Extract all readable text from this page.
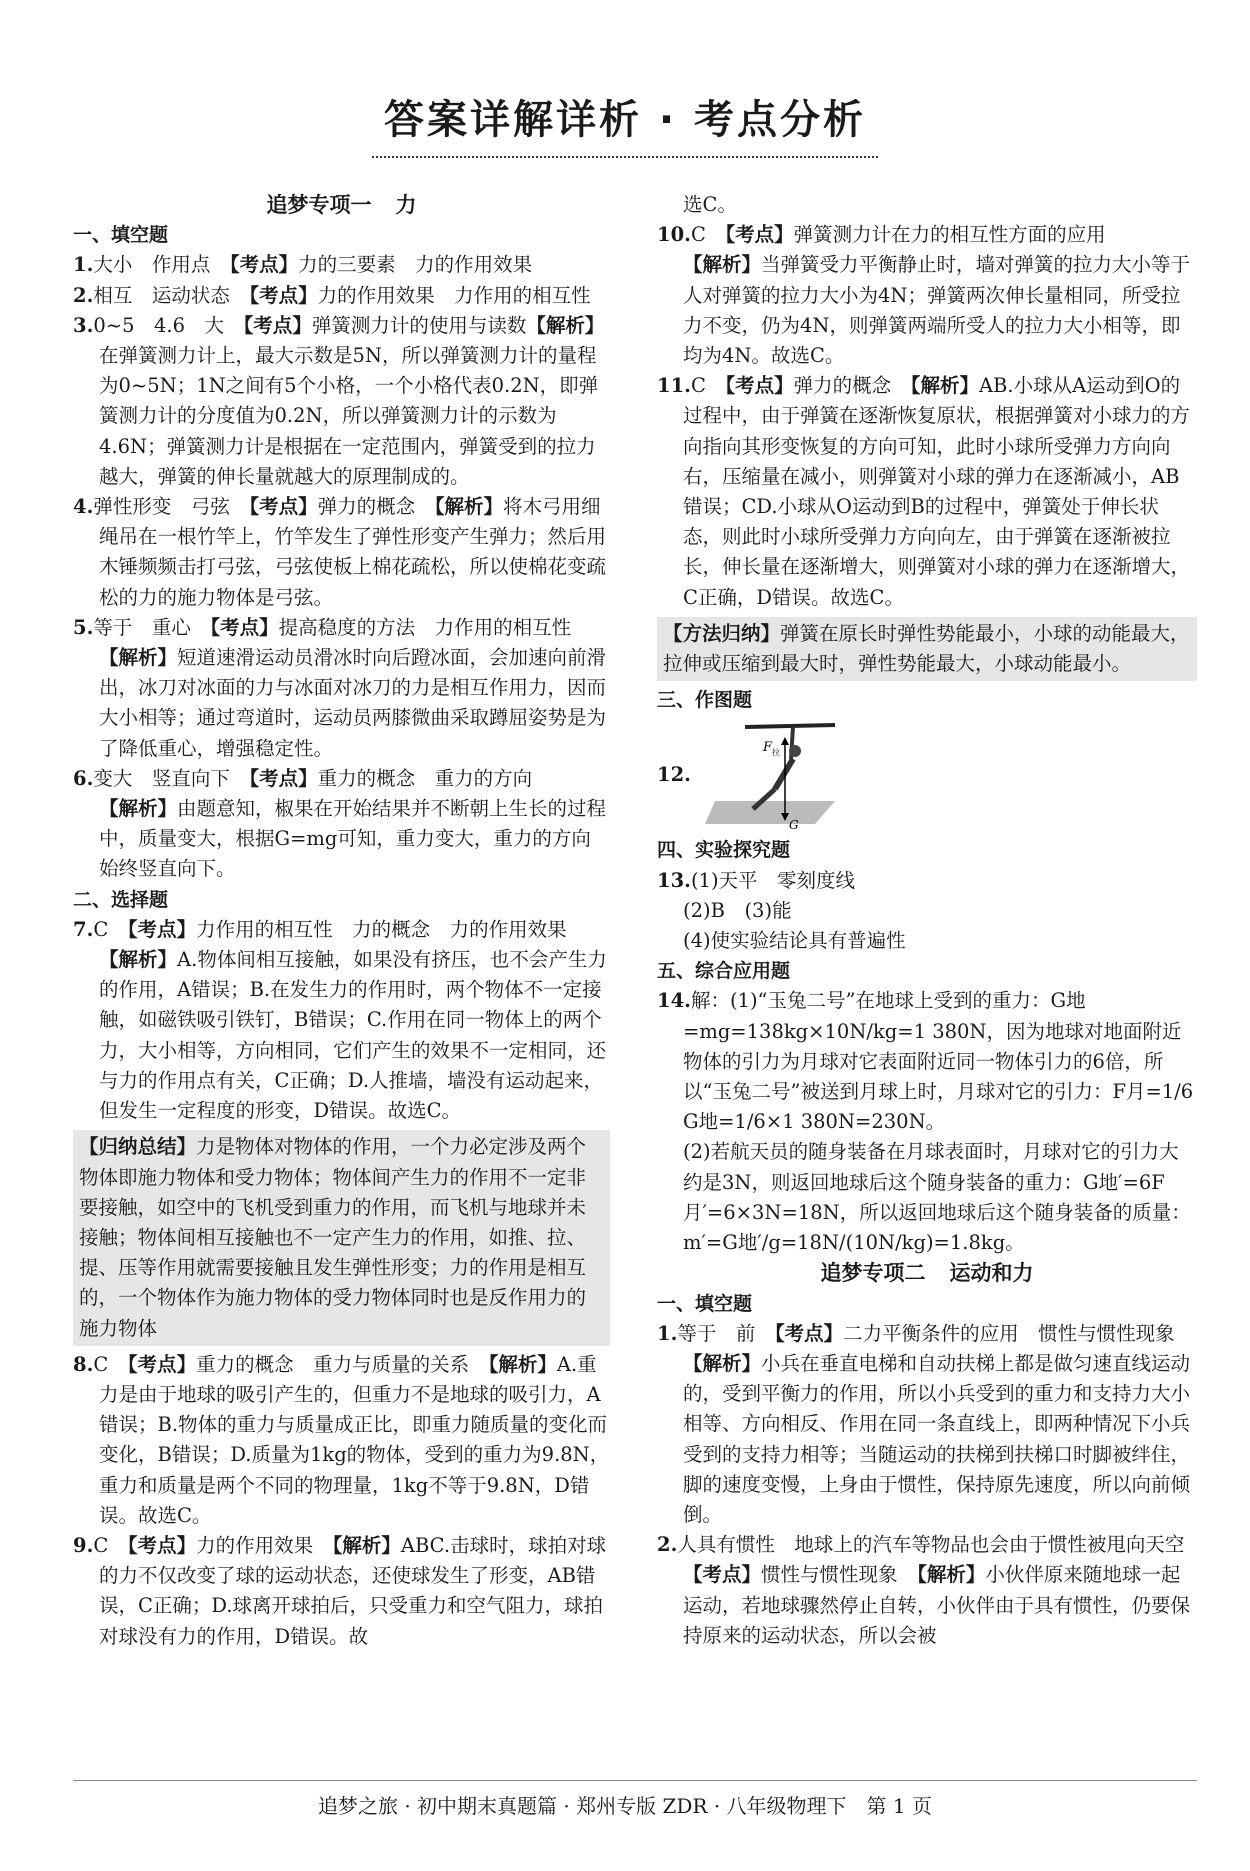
答案详解详析 · 考点分析
追梦专项一 力
一、填空题

1.大小　作用点　【 考点 】 力的三要素　力的作用效果

2.相互　运动状态　【 考点 】 力的作用效果　力作用的相互性

3.0~5　4.6　大　【 考点 】 弹簧测力计的使用与读数【 解析 】在弹簧测力计上，最大示数是5N，所以弹簧测力计的量程为0~5N；1N之间有5个小格，一个小格代表0.2N，即弹簧测力计的分度值为0.2N，所以弹簧测力计的示数为4.6N；弹簧测力计是根据在一定范围内，弹簧受到的拉力越大，弹簧的伸长量就越大的原理制成的。

4.弹性形变　弓弦　【 考点 】 弹力的概念　【 解析 】 将木弓用细绳吊在一根竹竿上，竹竿发生了弹性形变产生弹力；然后用木锤频频击打弓弦，弓弦使板上棉花疏松，所以使棉花变疏松的力的施力物体是弓弦。

5.等于　重心　【 考点 】 提高稳度的方法　力作用的相互性　【 解析 】 短道速滑运动员滑冰时向后蹬冰面，会加速向前滑出，冰刀对冰面的力与冰面对冰刀的力是相互作用力，因而大小相等；通过弯道时，运动员两膝微曲采取蹲屈姿势是为了降低重心，增强稳定性。

6.变大　竖直向下　【 考点 】 重力的概念　重力的方向
【 解析 】 由题意知，椒果在开始结果并不断朝上生长的过程中，质量变大，根据G=mg可知，重力变大，重力的方向始终竖直向下。

二、选择题

7.C　【 考点 】 力作用的相互性　力的概念　力的作用效果　【 解析 】 A.物体间相互接触，如果没有挤压，也不会产生力的作用，A错误；B.在发生力的作用时，两个物体不一定接触，如磁铁吸引铁钉，B错误；C.作用在同一物体上的两个力，大小相等，方向相同，它们产生的效果不一定相同，还与力的作用点有关，C正确；D.人推墙，墙没有运动起来，但发生一定程度的形变，D错误。故选C。

【 归纳总结 】 力是物体对物体的作用，一个力必定涉及两个物体即施力物体和受力物体；物体间产生力的作用不一定非要接触，如空中的飞机受到重力的作用，而飞机与地球并未接触；物体间相互接触也不一定产生力的作用，如推、拉、提、压等作用就需要接触且发生弹性形变；力的作用是相互的，一个物体作为施力物体的受力物体同时也是反作用力的施力物体

8.C　【 考点 】 重力的概念　重力与质量的关系　【 解析 】 A.重力是由于地球的吸引产生的，但重力不是地球的吸引力，A错误；B.物体的重力与质量成正比，即重力随质量的变化而变化，B错误；D.质量为1kg的物体，受到的重力为9.8N，重力和质量是两个不同的物理量，1kg不等于9.8N，D错误。故选C。

9.C　【 考点 】 力的作用效果　【 解析 】 ABC.击球时，球拍对球的力不仅改变了球的运动状态，还使球发生了形变，AB错误，C正确；D.球离开球拍后，只受重力和空气阻力，球拍对球没有力的作用，D错误。故

选C。

10.C　【 考点 】 弹簧测力计在力的相互性方面的应用
【 解析 】 当弹簧受力平衡静止时，墙对弹簧的拉力大小等于人对弹簧的拉力大小为4N；弹簧两次伸长量相同，所受拉力不变，仍为4N，则弹簧两端所受人的拉力大小相等，即均为4N。故选C。

11.C　【 考点 】 弹力的概念　【 解析 】 AB.小球从A运动到O的过程中，由于弹簧在逐渐恢复原状，根据弹簧对小球力的方向指向其形变恢复的方向可知，此时小球所受弹力方向向右，压缩量在减小，则弹簧对小球的弹力在逐渐减小，AB错误；CD.小球从O运动到B的过程中，弹簧处于伸长状态，则此时小球所受弹力方向向左，由于弹簧在逐渐被拉长，伸长量在逐渐增大，则弹簧对小球的弹力在逐渐增大，C正确，D错误。故选C。

【 方法归纳 】 弹簧在原长时弹性势能最小，小球的动能最大，拉伸或压缩到最大时，弹性势能最大，小球动能最小。
三、作图题
12.
F 拉
G
四、实验探究题

13.(1)天平　零刻度线

(2)B　(3)能

(4)使实验结论具有普遍性

五、综合应用题

14.解：(1)“玉兔二号”在地球上受到的重力：G地=mg=138kg×10N/kg=1 380N，因为地球对地面附近物体的引力为月球对它表面附近同一物体引力的6倍，所以“玉兔二号”被送到月球上时，月球对它的引力：F月=1/6 G地=1/6×1 380N=230N。

(2)若航天员的随身装备在月球表面时，月球对它的引力大约是3N，则返回地球后这个随身装备的重力：G地′=6F月′=6×3N=18N，所以返回地球后这个随身装备的质量：m′=G地′/g=18N/(10N/kg)=1.8kg。

追梦专项二 运动和力
一、填空题

1.等于　前　【 考点 】 二力平衡条件的应用　惯性与惯性现象　【 解析 】 小兵在垂直电梯和自动扶梯上都是做匀速直线运动的，受到平衡力的作用，所以小兵受到的重力和支持力大小相等、方向相反、作用在同一条直线上，即两种情况下小兵受到的支持力相等；当随运动的扶梯到扶梯口时脚被绊住，脚的速度变慢，上身由于惯性，保持原先速度，所以向前倾倒。

2.人具有惯性　地球上的汽车等物品也会由于惯性被甩向天空　【 考点 】 惯性与惯性现象　【 解析 】 小伙伴原来随地球一起运动，若地球骤然停止自转，小伙伴由于具有惯性，仍要保持原来的运动状态，所以会被

追梦之旅 · 初中期末真题篇 · 郑州专版 ZDR · 八年级物理下　第 1 页
